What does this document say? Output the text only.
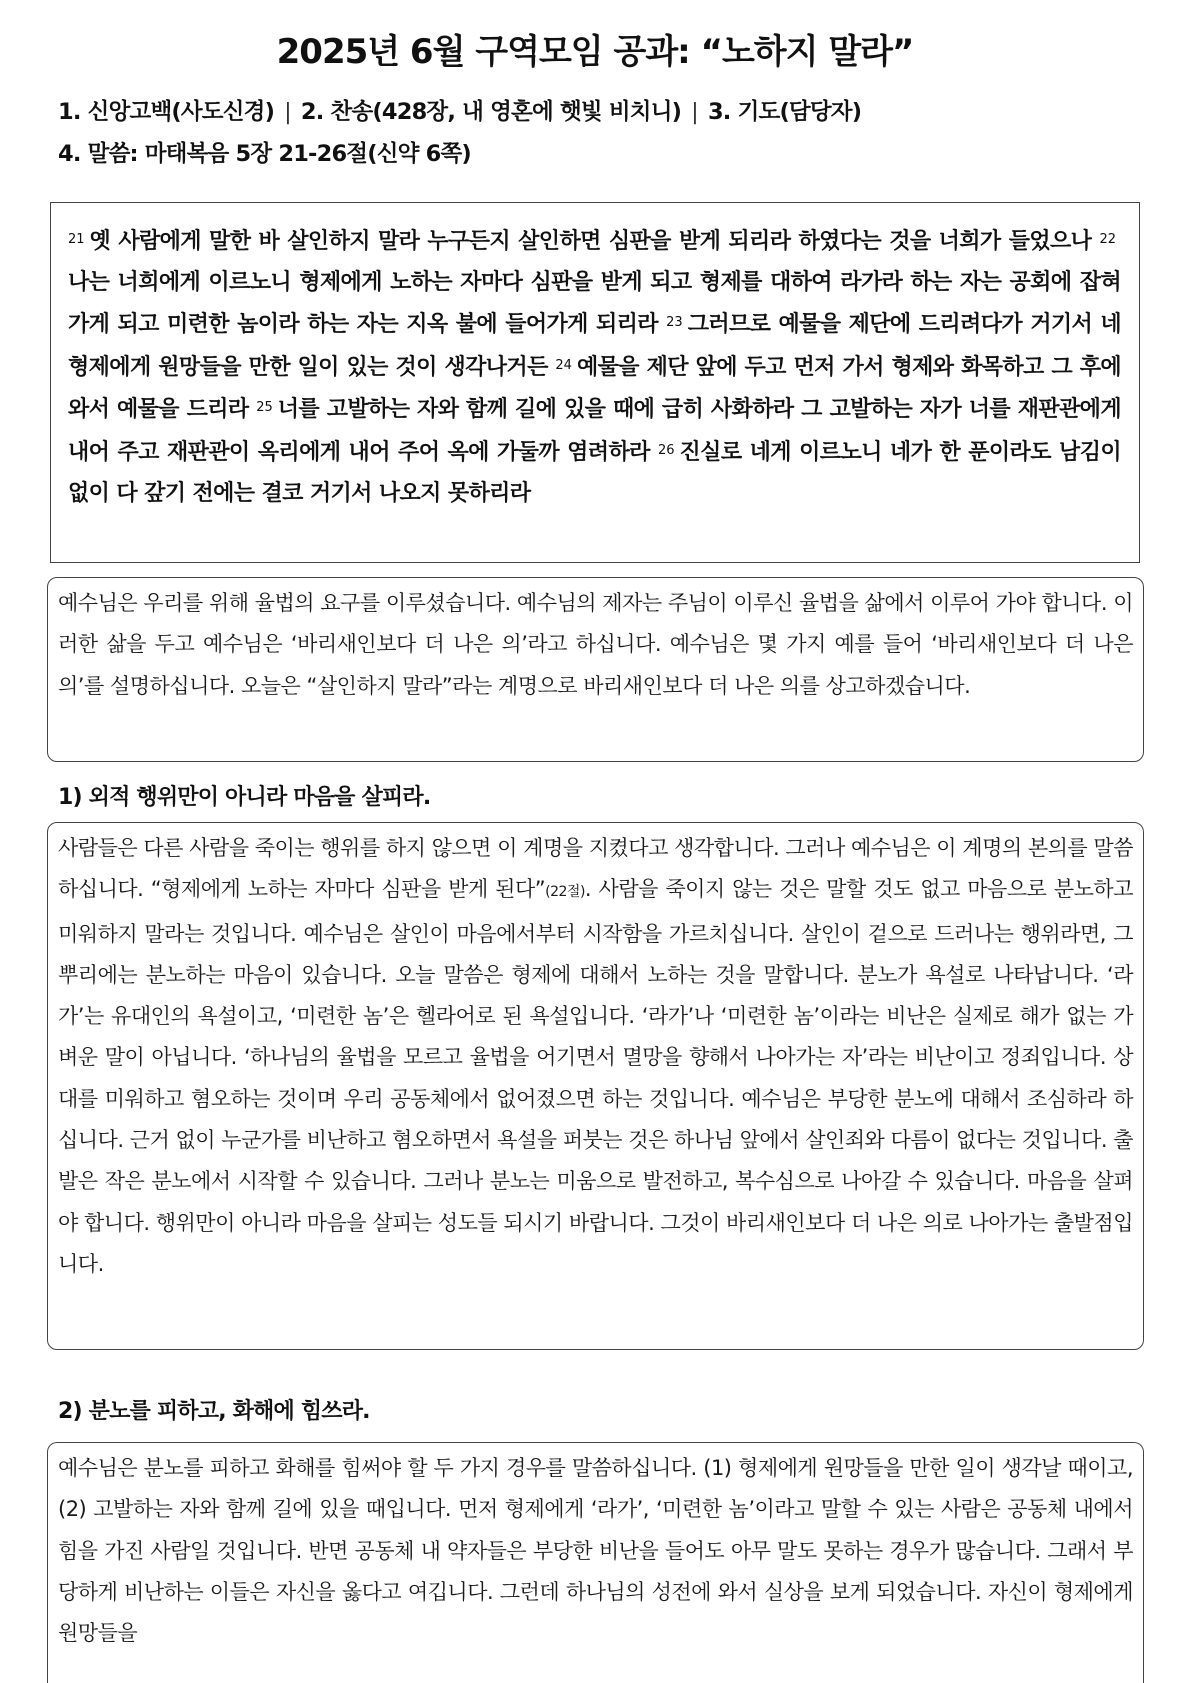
2025년 6월 구역모임 공과: “노하지 말라”
1. 신앙고백(사도신경) | 2. 찬송(428장, 내 영혼에 햇빛 비치니) | 3. 기도(담당자)
4. 말씀: 마태복음 5장 21-26절(신약 6쪽)
$^{21}$ 옛 사람에게 말한 바 살인하지 말라 누구든지 살인하면 심판을 받게 되리라 하였다는 것을 너희가 들었으나 $^{22}$나는 너희에게 이르노니 형제에게 노하는 자마다 심판을 받게 되고 형제를 대하여 라가라 하는 자는 공회에 잡혀가게 되고 미련한 놈이라 하는 자는 지옥 불에 들어가게 되리라 $^{23}$ 그러므로 예물을 제단에 드리려다가 거기서 네 형제에게 원망들을 만한 일이 있는 것이 생각나거든 $^{24}$ 예물을 제단 앞에 두고 먼저 가서 형제와 화목하고 그 후에 와서 예물을 드리라 $^{25}$ 너를 고발하는 자와 함께 길에 있을 때에 급히 사화하라 그 고발하는 자가 너를 재판관에게 내어 주고 재판관이 옥리에게 내어 주어 옥에 가둘까 염려하라 $^{26}$ 진실로 네게 이르노니 네가 한 푼이라도 남김이 없이 다 갚기 전에는 결코 거기서 나오지 못하리라
예수님은 우리를 위해 율법의 요구를 이루셨습니다. 예수님의 제자는 주님이 이루신 율법을 삶에서 이루어 가야 합니다. 이러한 삶을 두고 예수님은 ‘바리새인보다 더 나은 의’라고 하십니다. 예수님은 몇 가지 예를 들어 ‘바리새인보다 더 나은 의’를 설명하십니다. 오늘은 “살인하지 말라”라는 계명으로 바리새인보다 더 나은 의를 상고하겠습니다.
1) 외적 행위만이 아니라 마음을 살피라.
사람들은 다른 사람을 죽이는 행위를 하지 않으면 이 계명을 지켰다고 생각합니다. 그러나 예수님은 이 계명의 본의를 말씀하십니다. “형제에게 노하는 자마다 심판을 받게 된다”(22절). 사람을 죽이지 않는 것은 말할 것도 없고 마음으로 분노하고 미워하지 말라는 것입니다. 예수님은 살인이 마음에서부터 시작함을 가르치십니다. 살인이 겉으로 드러나는 행위라면, 그 뿌리에는 분노하는 마음이 있습니다. 오늘 말씀은 형제에 대해서 노하는 것을 말합니다. 분노가 욕설로 나타납니다. ‘라가’는 유대인의 욕설이고, ‘미련한 놈’은 헬라어로 된 욕설입니다. ‘라가’나 ‘미련한 놈’이라는 비난은 실제로 해가 없는 가벼운 말이 아닙니다. ‘하나님의 율법을 모르고 율법을 어기면서 멸망을 향해서 나아가는 자’라는 비난이고 정죄입니다. 상대를 미워하고 혐오하는 것이며 우리 공동체에서 없어졌으면 하는 것입니다. 예수님은 부당한 분노에 대해서 조심하라 하십니다. 근거 없이 누군가를 비난하고 혐오하면서 욕설을 퍼붓는 것은 하나님 앞에서 살인죄와 다름이 없다는 것입니다. 출발은 작은 분노에서 시작할 수 있습니다. 그러나 분노는 미움으로 발전하고, 복수심으로 나아갈 수 있습니다. 마음을 살펴야 합니다. 행위만이 아니라 마음을 살피는 성도들 되시기 바랍니다. 그것이 바리새인보다 더 나은 의로 나아가는 출발점입니다.
2) 분노를 피하고, 화해에 힘쓰라.
예수님은 분노를 피하고 화해를 힘써야 할 두 가지 경우를 말씀하십니다. (1) 형제에게 원망들을 만한 일이 생각날 때이고, (2) 고발하는 자와 함께 길에 있을 때입니다. 먼저 형제에게 ‘라가’, ‘미련한 놈’이라고 말할 수 있는 사람은 공동체 내에서 힘을 가진 사람일 것입니다. 반면 공동체 내 약자들은 부당한 비난을 들어도 아무 말도 못하는 경우가 많습니다. 그래서 부당하게 비난하는 이들은 자신을 옳다고 여깁니다. 그런데 하나님의 성전에 와서 실상을 보게 되었습니다. 자신이 형제에게 원망들을
